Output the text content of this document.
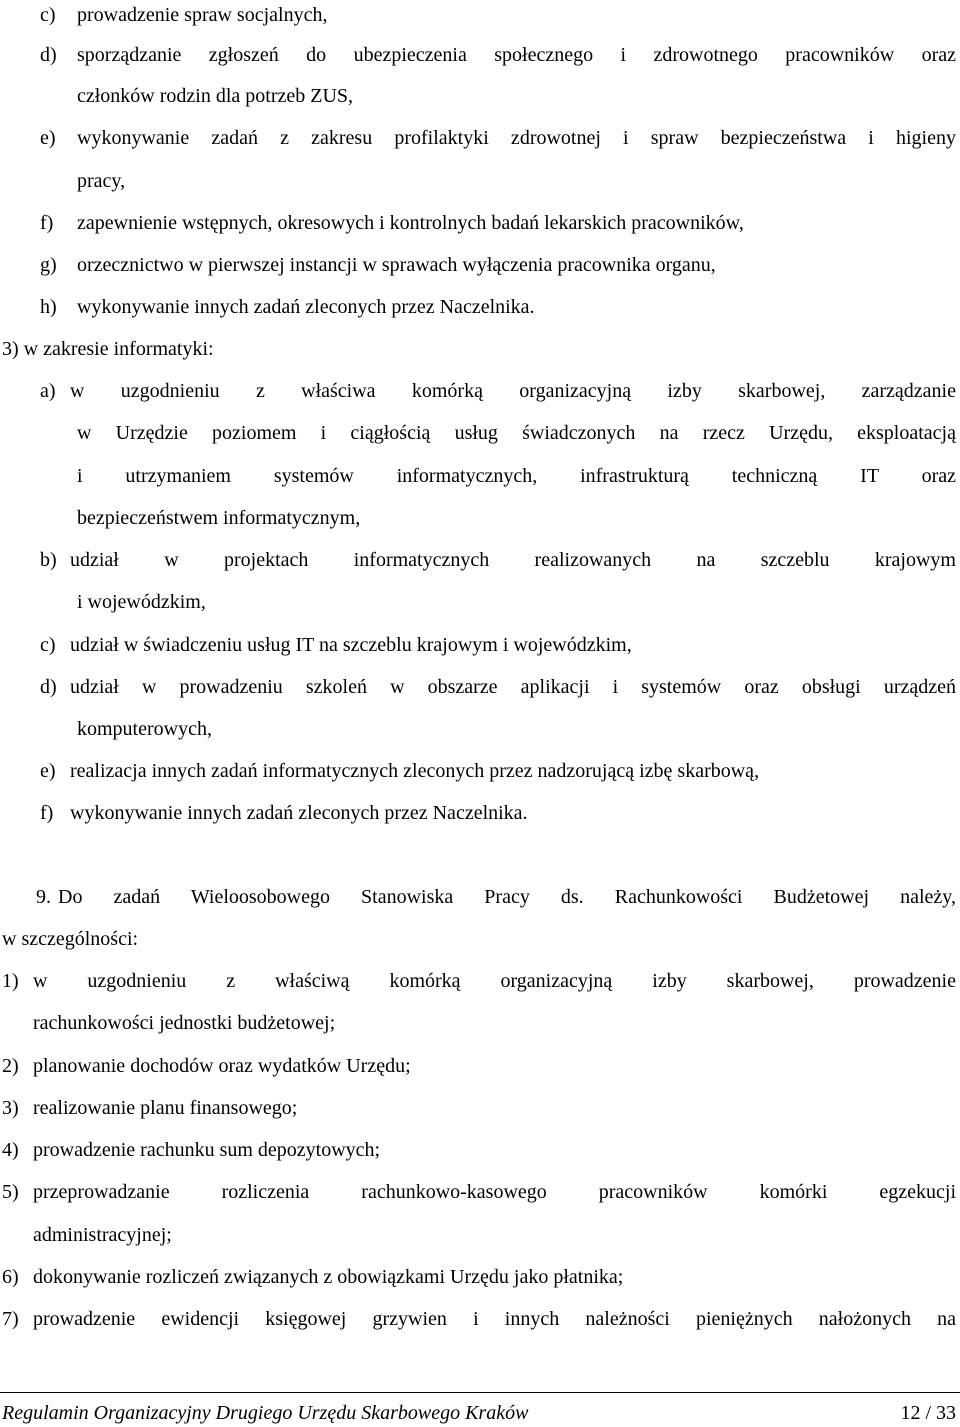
c) prowadzenie spraw socjalnych,
d) sporządzanie zgłoszeń do ubezpieczenia społecznego i zdrowotnego pracowników oraz
członków rodzin dla potrzeb ZUS,
e) wykonywanie zadań z zakresu profilaktyki zdrowotnej i spraw bezpieczeństwa i higieny
pracy,
f) zapewnienie wstępnych, okresowych i kontrolnych badań lekarskich pracowników,
g) orzecznictwo w pierwszej instancji w sprawach wyłączenia pracownika organu,
h) wykonywanie innych zadań zleconych przez Naczelnika.
3) w zakresie informatyki:
a) w uzgodnieniu z właściwa komórką organizacyjną izby skarbowej, zarządzanie
w Urzędzie poziomem i ciągłością usług świadczonych na rzecz Urzędu, eksploatacją
i utrzymaniem systemów informatycznych, infrastrukturą techniczną IT oraz
bezpieczeństwem informatycznym,
b) udział w projektach informatycznych realizowanych na szczeblu krajowym
i wojewódzkim,
c) udział w świadczeniu usług IT na szczeblu krajowym i wojewódzkim,
d) udział w prowadzeniu szkoleń w obszarze aplikacji i systemów oraz obsługi urządzeń
komputerowych,
e) realizacja innych zadań informatycznych zleconych przez nadzorującą izbę skarbową,
f) wykonywanie innych zadań zleconych przez Naczelnika.
9. Do zadań Wieloosobowego Stanowiska Pracy ds. Rachunkowości Budżetowej należy,
w szczególności:
1) w uzgodnieniu z właściwą komórką organizacyjną izby skarbowej, prowadzenie
rachunkowości jednostki budżetowej;
2) planowanie dochodów oraz wydatków Urzędu;
3) realizowanie planu finansowego;
4) prowadzenie rachunku sum depozytowych;
5) przeprowadzanie rozliczenia rachunkowo-kasowego pracowników komórki egzekucji
administracyjnej;
6) dokonywanie rozliczeń związanych z obowiązkami Urzędu jako płatnika;
7) prowadzenie ewidencji księgowej grzywien i innych należności pieniężnych nałożonych na
Regulamin Organizacyjny Drugiego Urzędu Skarbowego Kraków	12 / 33
